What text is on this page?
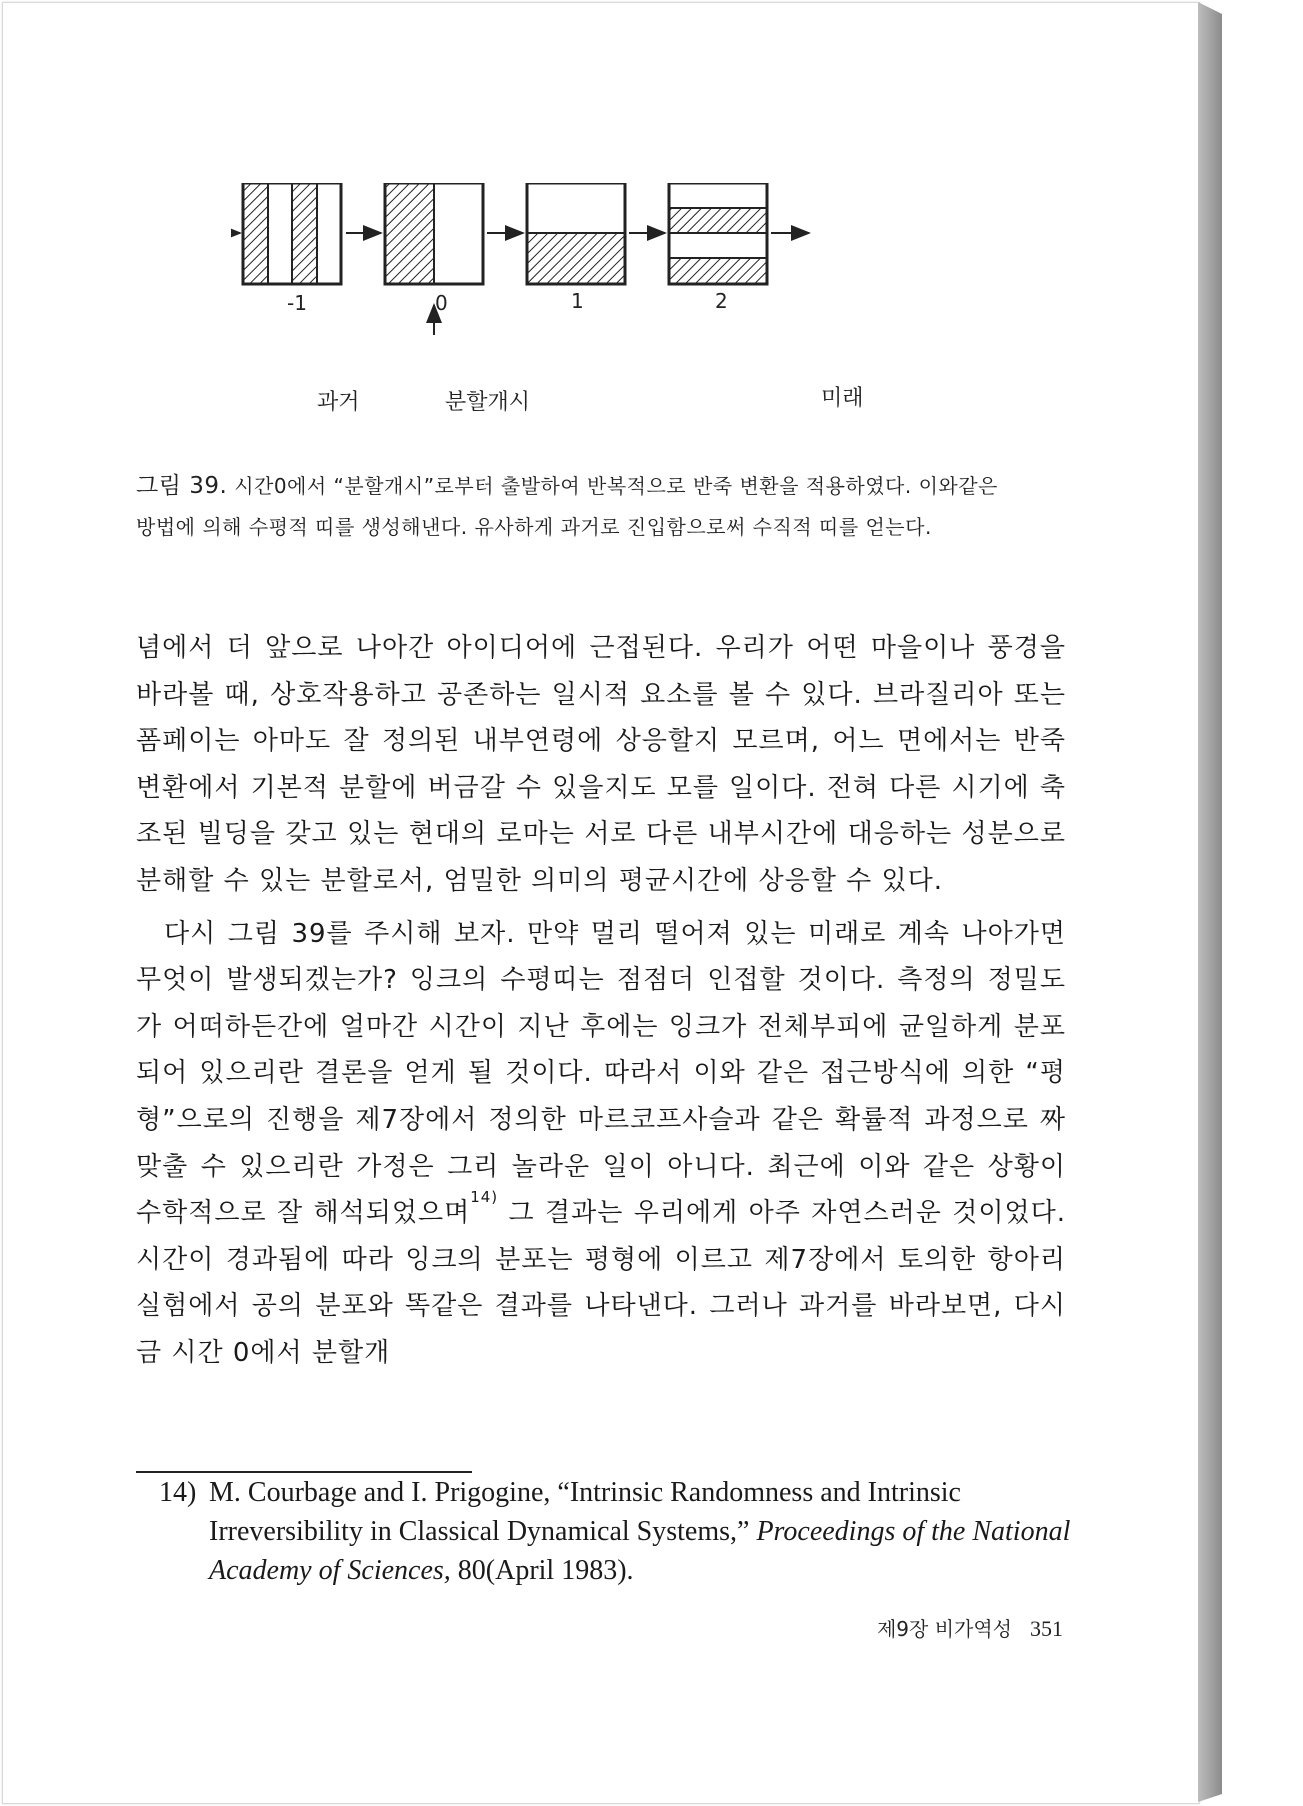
-1	0	1	2
과거	분할개시	미래
그림 39. 시간0에서 “분할개시”로부터 출발하여 반복적으로 반죽 변환을 적용하였다. 이와같은 방법에 의해 수평적 띠를 생성해낸다. 유사하게 과거로 진입함으로써 수직적 띠를 얻는다.

념에서 더 앞으로 나아간 아이디어에 근접된다. 우리가 어떤 마을이나 풍경을 바라볼 때, 상호작용하고 공존하는 일시적 요소를 볼 수 있다. 브라질리아 또는 폼페이는 아마도 잘 정의된 내부연령에 상응할지 모르며, 어느 면에서는 반죽 변환에서 기본적 분할에 버금갈 수 있을지도 모를 일이다. 전혀 다른 시기에 축조된 빌딩을 갖고 있는 현대의 로마는 서로 다른 내부시간에 대응하는 성분으로 분해할 수 있는 분할로서, 엄밀한 의미의 평균시간에 상응할 수 있다.

다시 그림 39를 주시해 보자. 만약 멀리 떨어져 있는 미래로 계속 나아가면 무엇이 발생되겠는가? 잉크의 수평띠는 점점더 인접할 것이다. 측정의 정밀도가 어떠하든간에 얼마간 시간이 지난 후에는 잉크가 전체부피에 균일하게 분포되어 있으리란 결론을 얻게 될 것이다. 따라서 이와 같은 접근방식에 의한 “평형”으로의 진행을 제7장에서 정의한 마르코프사슬과 같은 확률적 과정으로 짜맞출 수 있으리란 가정은 그리 놀라운 일이 아니다. 최근에 이와 같은 상황이 수학적으로 잘 해석되었으며$^{14)}$ 그 결과는 우리에게 아주 자연스러운 것이었다. 시간이 경과됨에 따라 잉크의 분포는 평형에 이르고 제7장에서 토의한 항아리 실험에서 공의 분포와 똑같은 결과를 나타낸다. 그러나 과거를 바라보면, 다시금 시간 0에서 분할개

14) M. Courbage and I. Prigogine, “Intrinsic Randomness and Intrinsic Irreversibility in Classical Dynamical Systems,” Proceedings of the National Academy of Sciences, 80(April 1983).
제9장 비가역성 351
